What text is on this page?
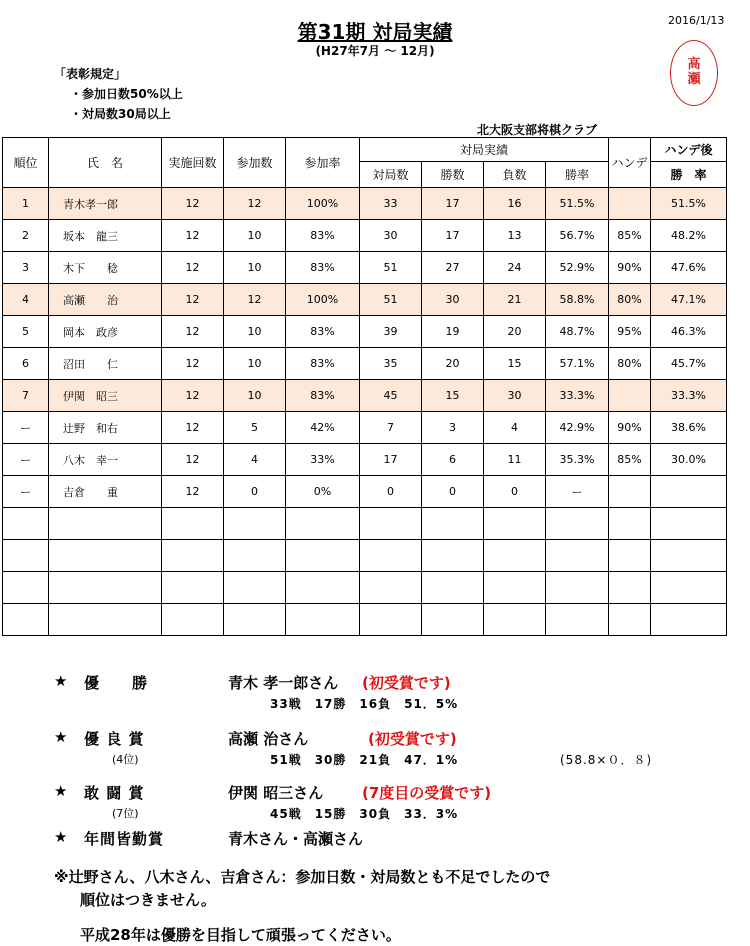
第31期 対局実績
(H27年7月 ～ 12月)
2016/1/13
高
瀬
「表彰規定」
・参加日数50%以上
・対局数30局以上
北大阪支部将棋クラブ
順位	氏　名	実施回数	参加数	参加率	対局実績				ハンデ	ハンデ後
					対局数	勝数	負数	勝率		勝　率
1	青木孝一郎	12	12	100%	33	17	16	51.5%		51.5%
2	坂本　龍三	12	10	83%	30	17	13	56.7%	85%	48.2%
3	木下　　稔	12	10	83%	51	27	24	52.9%	90%	47.6%
4	高瀬　　治	12	12	100%	51	30	21	58.8%	80%	47.1%
5	岡本　政彦	12	10	83%	39	19	20	48.7%	95%	46.3%
6	沼田　　仁	12	10	83%	35	20	15	57.1%	80%	45.7%
7	伊関　昭三	12	10	83%	45	15	30	33.3%		33.3%
ー	辻野　和右	12	5	42%	7	3	4	42.9%	90%	38.6%
ー	八木　幸一	12	4	33%	17	6	11	35.3%	85%	30.0%
ー	吉倉　　重	12	0	0%	0	0	0	ー		

★ 優　　勝	青木 孝一郎さん (初受賞です)
33戦　17勝　16負　51．5%
★ 優 良 賞	高瀬 治さん	(初受賞です)
(4位)	51戦　30勝　21負　47．1%	(58.8×０．８)
★ 敢 闘 賞	伊関 昭三さん	(7度目の受賞です)
(7位)	45戦　15勝　30負　33．3%
★ 年間皆勤賞	青木さん・高瀬さん
※辻野さん、八木さん、吉倉さん：参加日数・対局数とも不足でしたので
順位はつきません。
平成28年は優勝を目指して頑張ってください。
